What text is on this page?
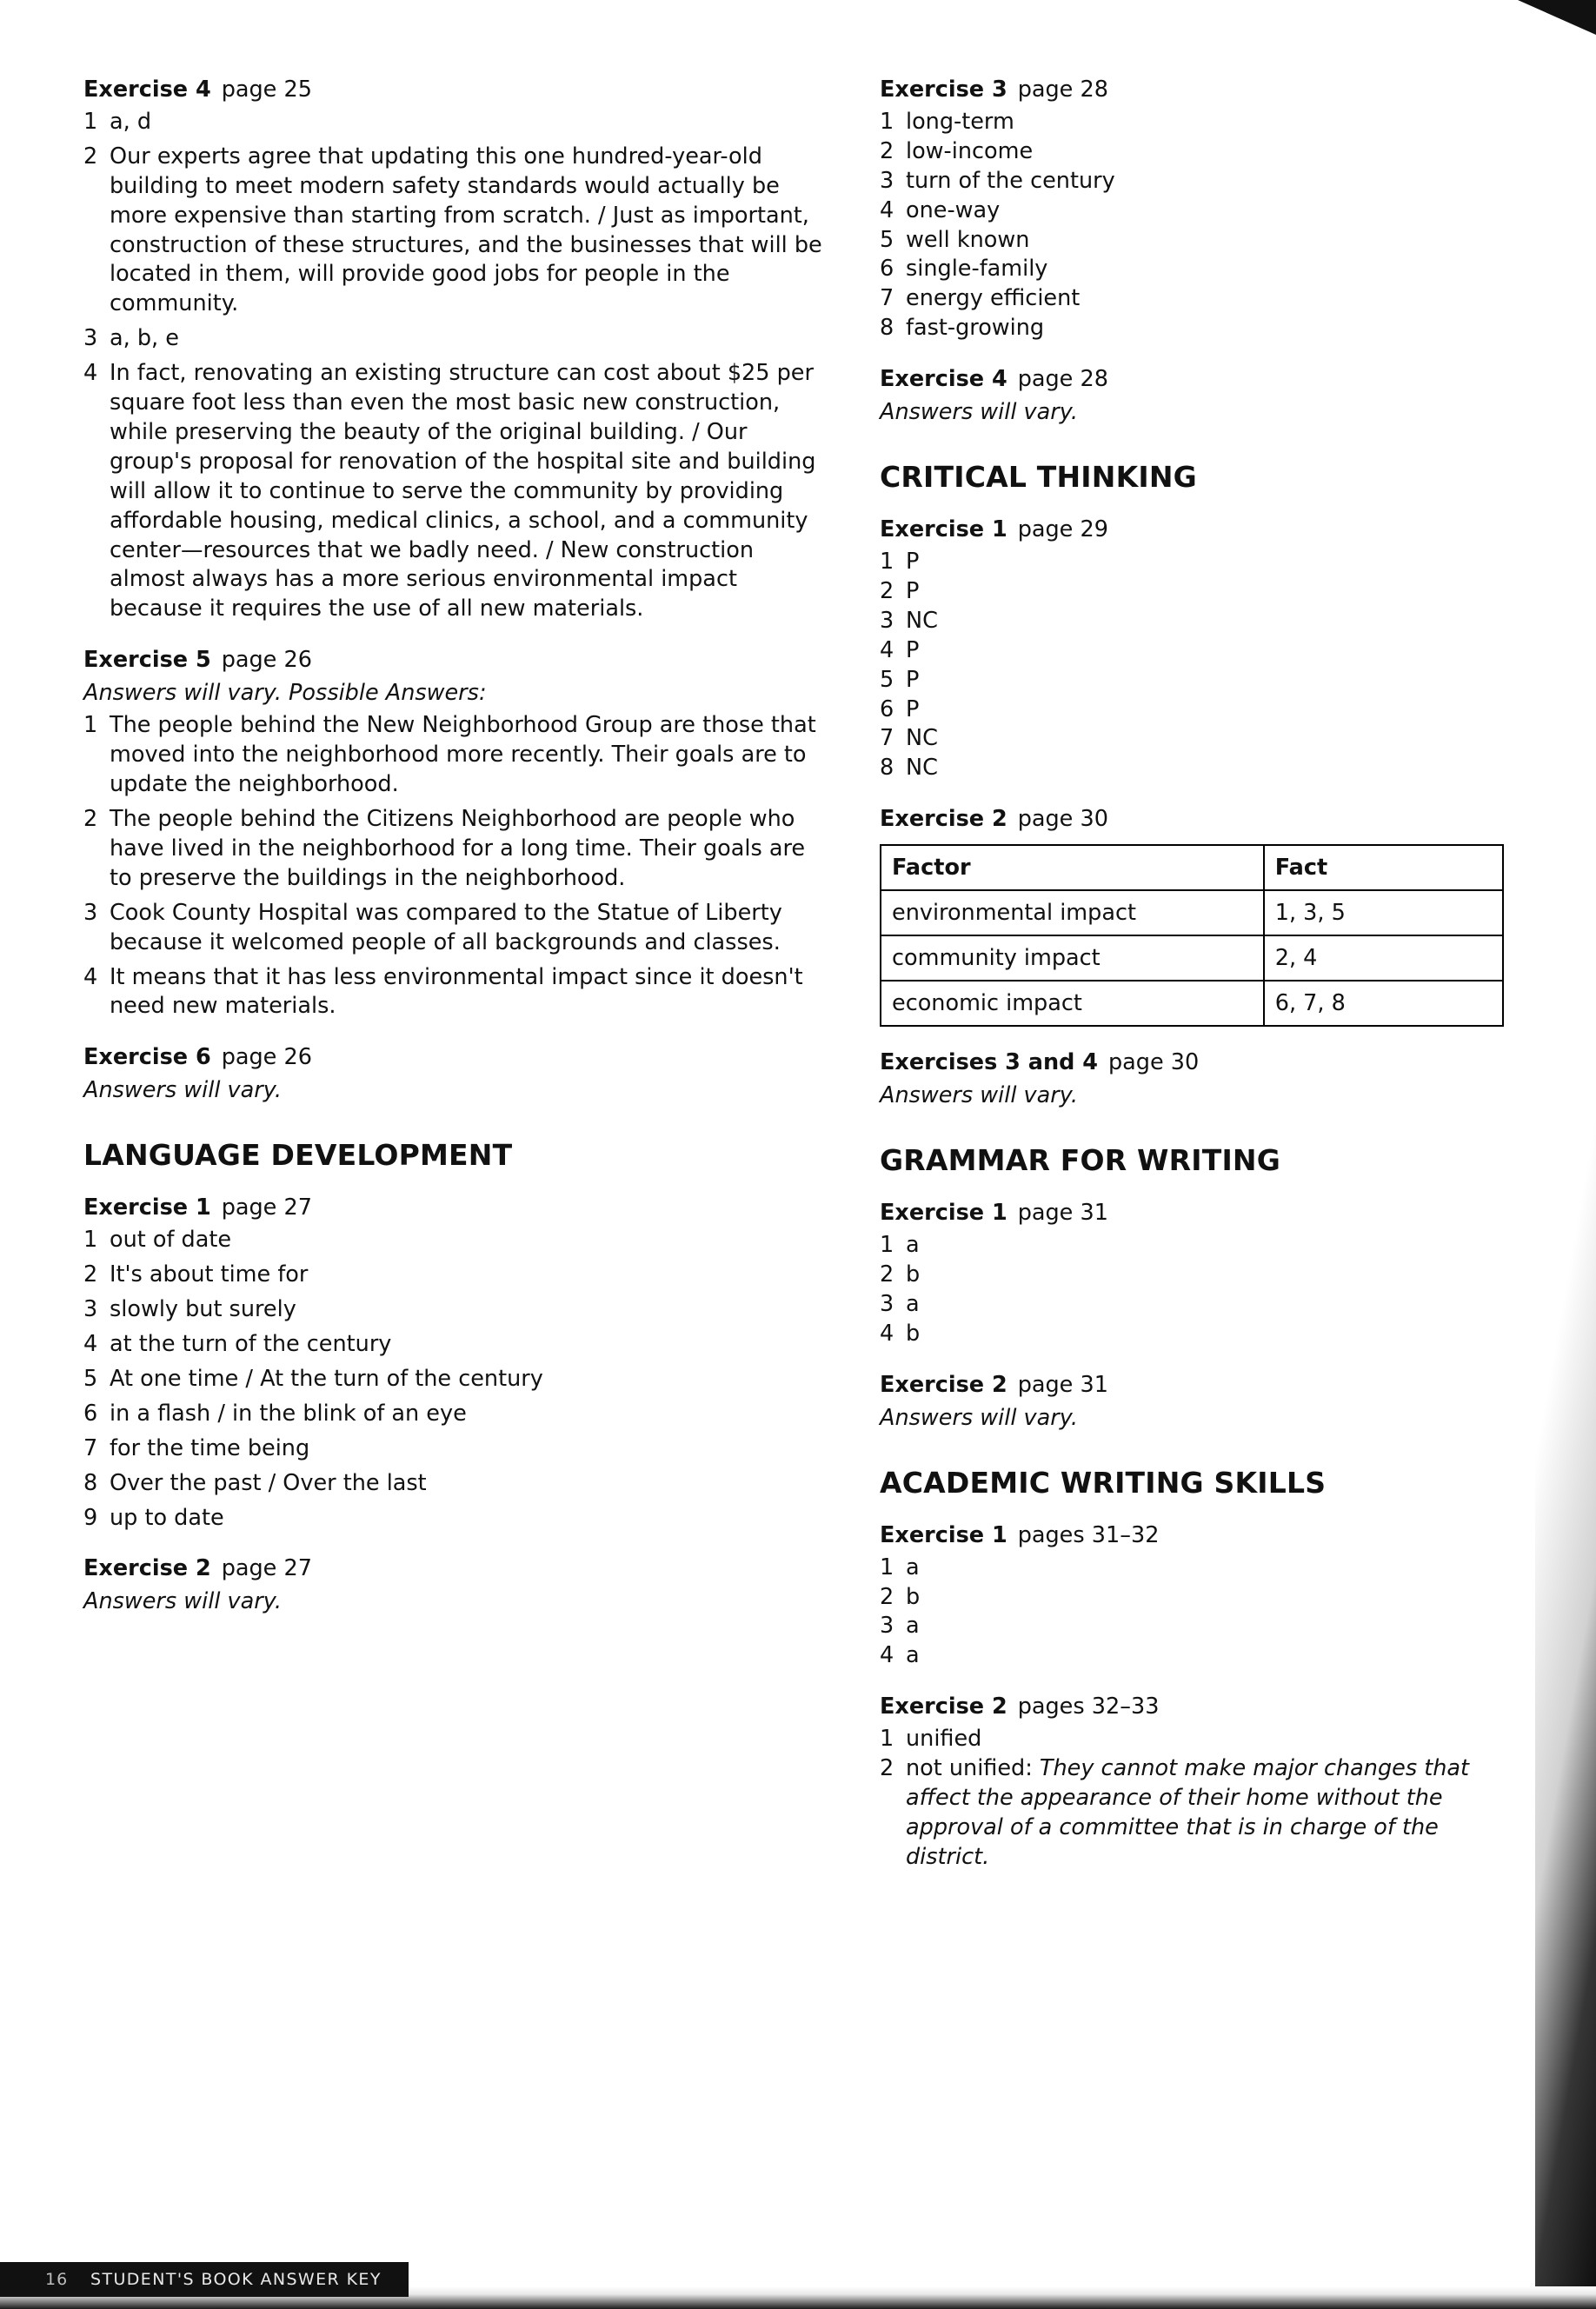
Exercise 4 page 25
1 a, d
2 Our experts agree that updating this one hundred-year-old building to meet modern safety standards would actually be more expensive than starting from scratch. / Just as important, construction of these structures, and the businesses that will be located in them, will provide good jobs for people in the community.
3 a, b, e
4 In fact, renovating an existing structure can cost about $25 per square foot less than even the most basic new construction, while preserving the beauty of the original building. / Our group's proposal for renovation of the hospital site and building will allow it to continue to serve the community by providing affordable housing, medical clinics, a school, and a community center—resources that we badly need. / New construction almost always has a more serious environmental impact because it requires the use of all new materials.
Exercise 5 page 26
Answers will vary. Possible Answers:
1 The people behind the New Neighborhood Group are those that moved into the neighborhood more recently. Their goals are to update the neighborhood.
2 The people behind the Citizens Neighborhood are people who have lived in the neighborhood for a long time. Their goals are to preserve the buildings in the neighborhood.
3 Cook County Hospital was compared to the Statue of Liberty because it welcomed people of all backgrounds and classes.
4 It means that it has less environmental impact since it doesn't need new materials.
Exercise 6 page 26
Answers will vary.
LANGUAGE DEVELOPMENT
Exercise 1 page 27
1 out of date
2 It's about time for
3 slowly but surely
4 at the turn of the century
5 At one time / At the turn of the century
6 in a flash / in the blink of an eye
7 for the time being
8 Over the past / Over the last
9 up to date
Exercise 2 page 27
Answers will vary.
Exercise 3 page 28
1 long-term
2 low-income
3 turn of the century
4 one-way
5 well known
6 single-family
7 energy efficient
8 fast-growing
Exercise 4 page 28
Answers will vary.
CRITICAL THINKING
Exercise 1 page 29
1 P
2 P
3 NC
4 P
5 P
6 P
7 NC
8 NC
Exercise 2 page 30
Factor	Fact
environmental impact	1, 3, 5
community impact	2, 4
economic impact	6, 7, 8
Exercises 3 and 4 page 30
Answers will vary.
GRAMMAR FOR WRITING
Exercise 1 page 31
1 a
2 b
3 a
4 b
Exercise 2 page 31
Answers will vary.
ACADEMIC WRITING SKILLS
Exercise 1 pages 31–32
1 a
2 b
3 a
4 a
Exercise 2 pages 32–33
1 unified
2 not unified: They cannot make major changes that affect the appearance of their home without the approval of a committee that is in charge of the district.
16 STUDENT'S BOOK ANSWER KEY
